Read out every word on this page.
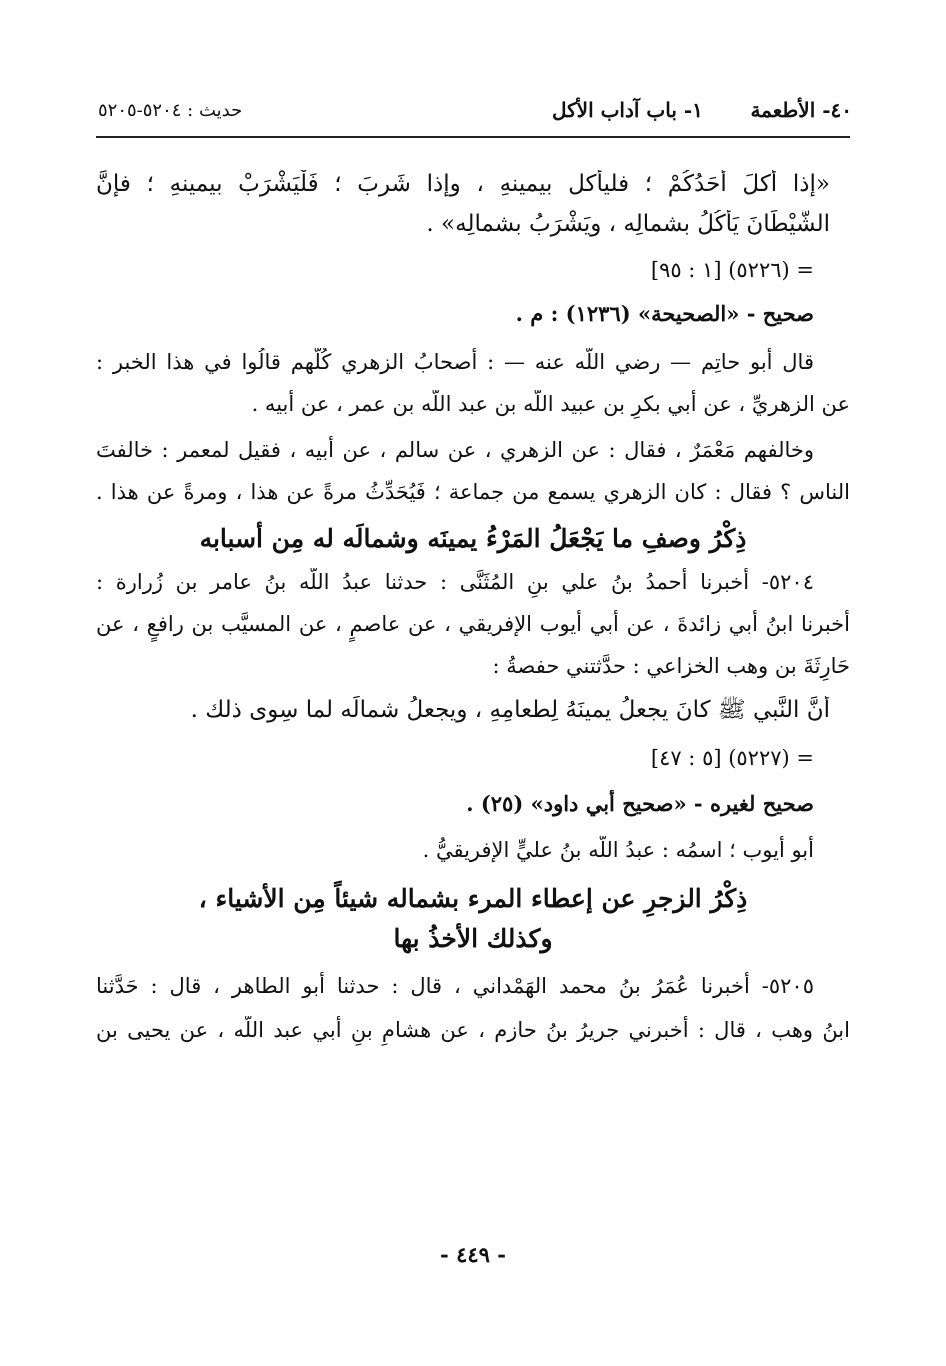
٤٠- الأطعمة
١- باب آداب الأكل
حديث : ٥٢٠٤-٥٢٠٥
«إذا أكلَ أَحَدُكُمْ ؛ فليأكل بيمينهِ ، وإذا شَربَ ؛ فَلْيَشْرَبْ بيمينهِ ؛ فإنَّ
الشَّيْطَانَ يَأْكُلُ بشمالِه ، ويَشْرَبُ بشمالِه» .
= (٥٢٢٦) [١ : ٩٥]
صحيح - «الصحيحة» (١٢٣٦) : م .
قال أبو حاتِم — رضي اللّه عنه — : أصحابُ الزهري كُلُّهم قالُوا في هذا الخبر :
عن الزهريِّ ، عن أبي بكرِ بن عبيد اللّه بن عبد اللّه بن عمر ، عن أبيه .
وخالفهم مَعْمَرٌ ، فقال : عن الزهري ، عن سالم ، عن أبيه ، فقيل لمعمر : خالفتَ
الناس ؟ فقال : كان الزهري يسمع من جماعة ؛ فَيُحَدِّثُ مرةً عن هذا ، ومرةً عن هذا .
ذِكْرُ وصفِ ما يَجْعَلُ المَرْءُ يمينَه وشمالَه له مِن أسبابه
٥٢٠٤- أخبرنا أحمدُ بنُ علي بنِ المُثَنَّى : حدثنا عبدُ اللّه بنُ عامر بن زُرارة :
أخبرنا ابنُ أبي زائدةَ ، عن أبي أيوب الإفريقي ، عن عاصمٍ ، عن المسيَّب بن رافعٍ ، عن
حَارِثَةَ بن وهب الخزاعي : حدَّثتني حفصةُ :
أنَّ النَّبي ﷺ كانَ يجعلُ يمينَهُ لِطعامِهِ ، ويجعلُ شمالَه لما سِوى ذلك .
= (٥٢٢٧) [٥ : ٤٧]
صحيح لغيره - «صحيح أبي داود» (٢٥) .
أبو أيوب ؛ اسمُه : عبدُ اللّه بنُ عليٍّ الإفريقيُّ .
ذِكْرُ الزجرِ عن إعطاء المرء بشماله شيئاً مِن الأشياء ،
وكذلك الأخذُ بها
٥٢٠٥- أخبرنا عُمَرُ بنُ محمد الهَمْداني ، قال : حدثنا أبو الطاهر ، قال : حَدَّثنا
ابنُ وهب ، قال : أخبرني جريرُ بنُ حازم ، عن هشامِ بنِ أبي عبد اللّه ، عن يحيى بن
- ٤٤٩ -
